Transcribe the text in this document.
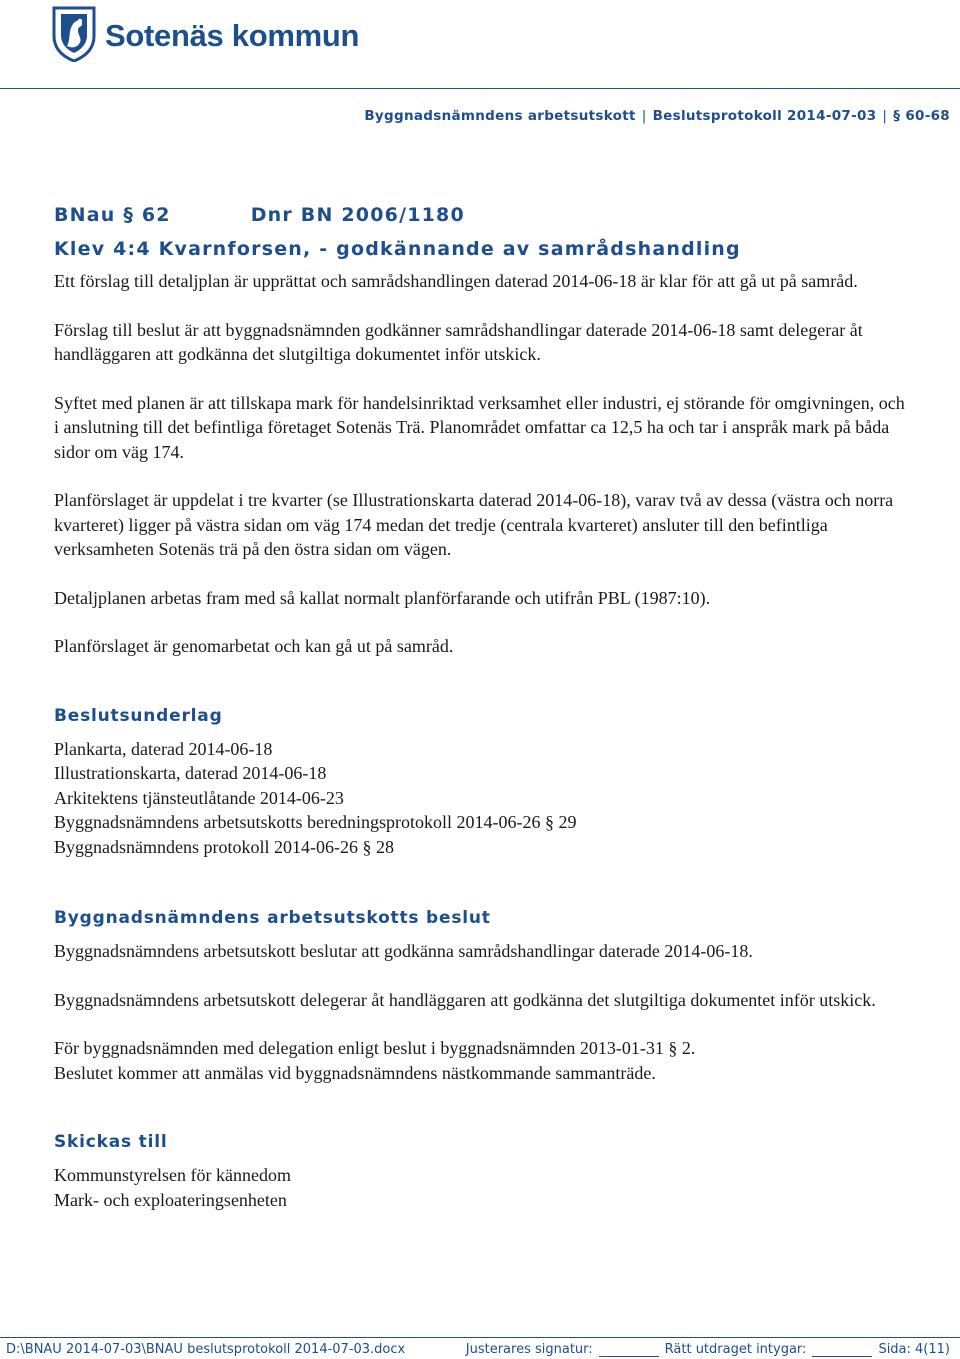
Sotenäs kommun
Byggnadsnämndens arbetsutskott | Beslutsprotokoll 2014-07-03 | § 60-68
BNau § 62	Dnr BN 2006/1180
Klev 4:4 Kvarnforsen, - godkännande av samrådshandling

Ett förslag till detaljplan är upprättat och samrådshandlingen daterad 2014-06-18 är klar för att gå ut på samråd.

Förslag till beslut är att byggnadsnämnden godkänner samrådshandlingar daterade 2014-06-18 samt delegerar åt handläggaren att godkänna det slutgiltiga dokumentet inför utskick.

Syftet med planen är att tillskapa mark för handelsinriktad verksamhet eller industri, ej störande för omgivningen, och i anslutning till det befintliga företaget Sotenäs Trä. Planområdet omfattar ca 12,5 ha och tar i anspråk mark på båda sidor om väg 174.

Planförslaget är uppdelat i tre kvarter (se Illustrationskarta daterad 2014-06-18), varav två av dessa (västra och norra kvarteret) ligger på västra sidan om väg 174 medan det tredje (centrala kvarteret) ansluter till den befintliga verksamheten Sotenäs trä på den östra sidan om vägen.

Detaljplanen arbetas fram med så kallat normalt planförfarande och utifrån PBL (1987:10).

Planförslaget är genomarbetat och kan gå ut på samråd.

Beslutsunderlag
Plankarta, daterad 2014-06-18
Illustrationskarta, daterad 2014-06-18
Arkitektens tjänsteutlåtande 2014-06-23
Byggnadsnämndens arbetsutskotts beredningsprotokoll 2014-06-26 § 29
Byggnadsnämndens protokoll 2014-06-26 § 28
Byggnadsnämndens arbetsutskotts beslut

Byggnadsnämndens arbetsutskott beslutar att godkänna samrådshandlingar daterade 2014-06-18.

Byggnadsnämndens arbetsutskott delegerar åt handläggaren att godkänna det slutgiltiga dokumentet inför utskick.

För byggnadsnämnden med delegation enligt beslut i byggnadsnämnden 2013-01-31 § 2.

Beslutet kommer att anmälas vid byggnadsnämndens nästkommande sammanträde.

Skickas till
Kommunstyrelsen för kännedom
Mark- och exploateringsenheten
D:\BNAU 2014-07-03\BNAU beslutsprotokoll 2014-07-03.docx	Justerares signatur:	Rätt utdraget intygar:	Sida: 4(11)
